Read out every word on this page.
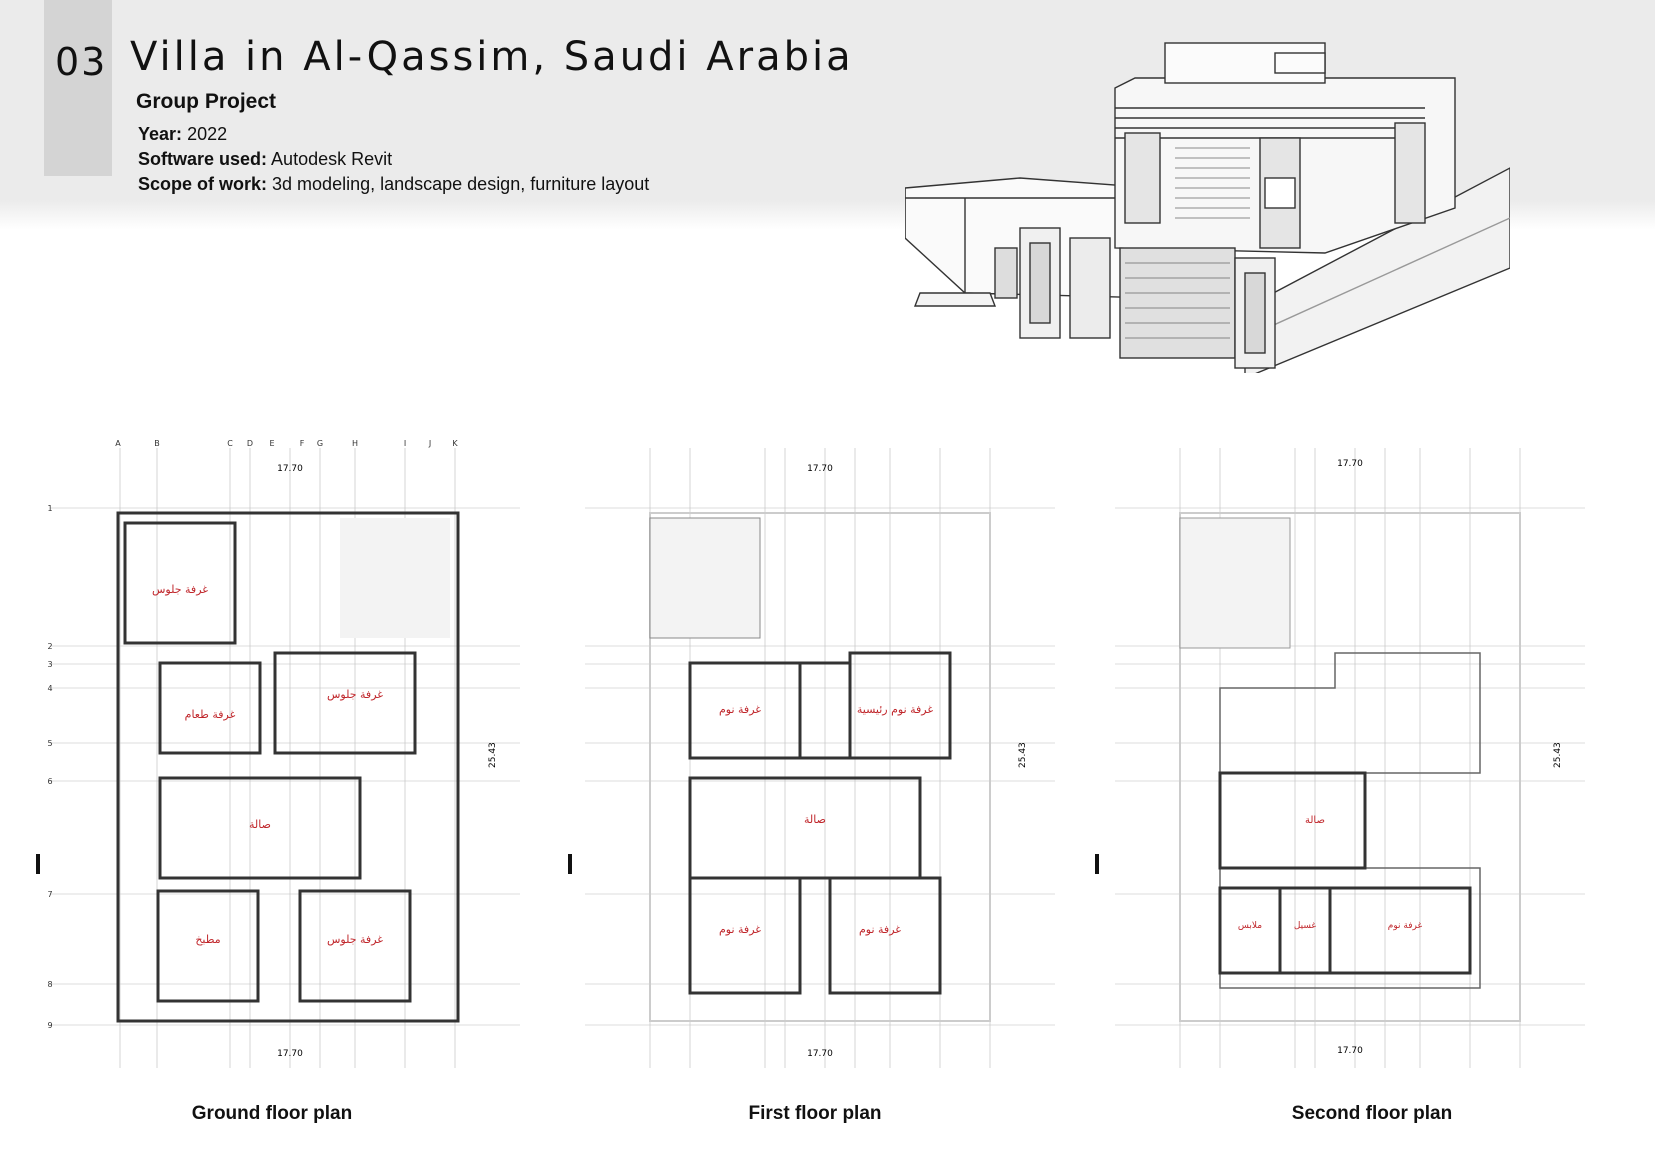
03 Villa in Al-Qassim, Saudi Arabia
Group Project
Year: 2022
Software used: Autodesk Revit
Scope of work: 3d modeling, landscape design, furniture layout
غرفة جلوس
غرفة طعام
غرفة جلوس
صالة
مطبخ	غرفة جلوس
17.70
17.70
A	B	C D E	F G	H	I	J	K
1
2
3
4
5
6
7
8
9
25.43
غرفة نوم رئيسية
غرفة نوم
صالة
غرفة نوم	غرفة نوم
17.70
17.70
25.43
صالة
ملابس	غسيل	غرفة نوم
17.70
17.70
25.43
Ground floor plan	First floor plan	Second floor plan
